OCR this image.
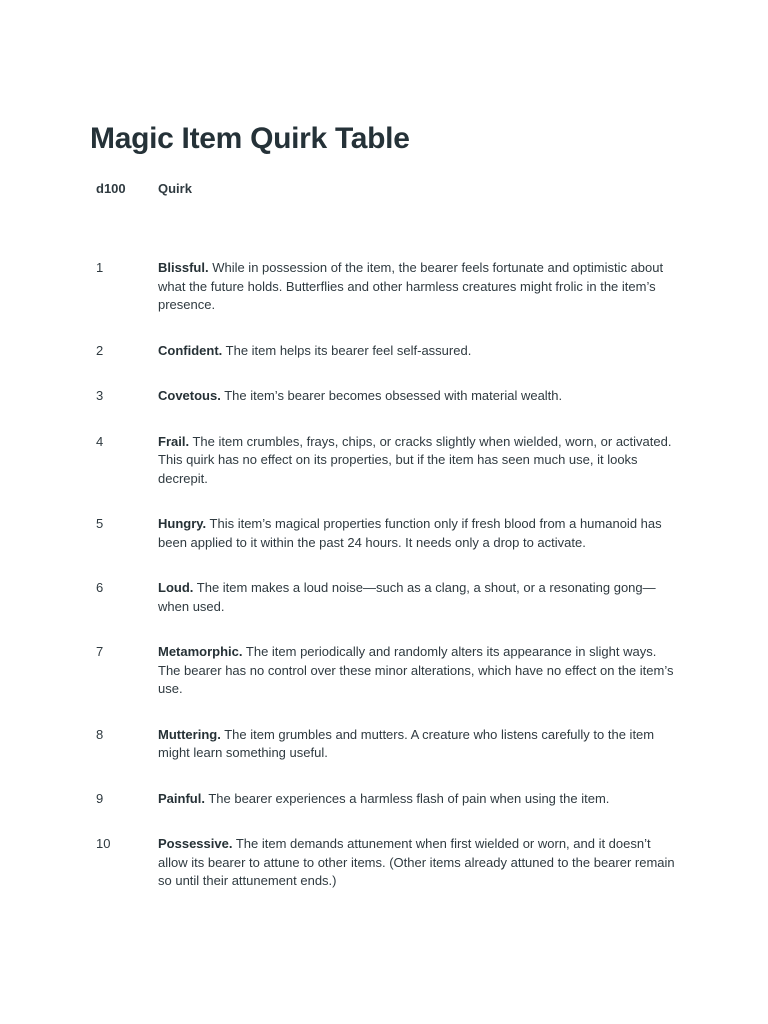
Magic Item Quirk Table
d100	Quirk
1	Blissful. While in possession of the item, the bearer feels fortunate and optimistic about what the future holds. Butterflies and other harmless creatures might frolic in the item’s presence.
2	Confident. The item helps its bearer feel self-assured.
3	Covetous. The item’s bearer becomes obsessed with material wealth.
4	Frail. The item crumbles, frays, chips, or cracks slightly when wielded, worn, or activated. This quirk has no effect on its properties, but if the item has seen much use, it looks decrepit.
5	Hungry. This item’s magical properties function only if fresh blood from a humanoid has been applied to it within the past 24 hours. It needs only a drop to activate.
6	Loud. The item makes a loud noise—such as a clang, a shout, or a resonating gong—when used.
7	Metamorphic. The item periodically and randomly alters its appearance in slight ways. The bearer has no control over these minor alterations, which have no effect on the item’s use.
8	Muttering. The item grumbles and mutters. A creature who listens carefully to the item might learn something useful.
9	Painful. The bearer experiences a harmless flash of pain when using the item.
10	Possessive. The item demands attunement when first wielded or worn, and it doesn’t allow its bearer to attune to other items. (Other items already attuned to the bearer remain so until their attunement ends.)
